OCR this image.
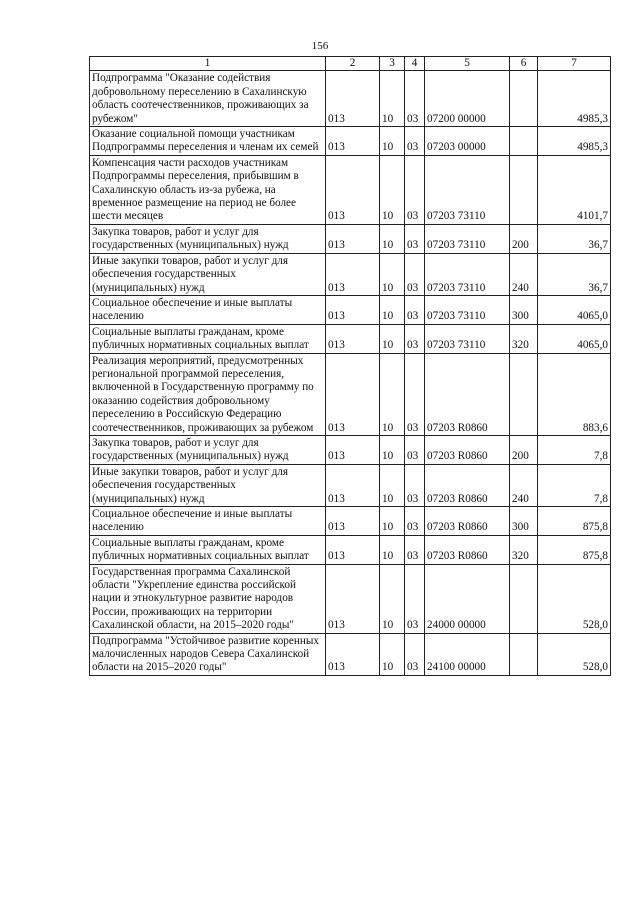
156
1	2	3	4	5	6	7
Подпрограмма "Оказание содействия добровольному переселению в Сахалинскую область соотечественников, проживающих за рубежом"	013	10	03	07200 00000		4985,3
Оказание социальной помощи участникам Подпрограммы переселения и членам их семей	013	10	03	07203 00000		4985,3
Компенсация части расходов участникам Подпрограммы переселения, прибывшим в Сахалинскую область из-за рубежа, на временное размещение на период не более шести месяцев	013	10	03	07203 73110		4101,7
Закупка товаров, работ и услуг для государственных (муниципальных) нужд	013	10	03	07203 73110	200	36,7
Иные закупки товаров, работ и услуг для обеспечения государственных (муниципальных) нужд	013	10	03	07203 73110	240	36,7
Социальное обеспечение и иные выплаты населению	013	10	03	07203 73110	300	4065,0
Социальные выплаты гражданам, кроме публичных нормативных социальных выплат	013	10	03	07203 73110	320	4065,0
Реализация мероприятий, предусмотренных региональной программой переселения, включенной в Государственную программу по оказанию содействия добровольному переселению в Российскую Федерацию соотечественников, проживающих за рубежом	013	10	03	07203 R0860		883,6
Закупка товаров, работ и услуг для государственных (муниципальных) нужд	013	10	03	07203 R0860	200	7,8
Иные закупки товаров, работ и услуг для обеспечения государственных (муниципальных) нужд	013	10	03	07203 R0860	240	7,8
Социальное обеспечение и иные выплаты населению	013	10	03	07203 R0860	300	875,8
Социальные выплаты гражданам, кроме публичных нормативных социальных выплат	013	10	03	07203 R0860	320	875,8
Государственная программа Сахалинской области "Укрепление единства российской нации и этнокультурное развитие народов России, проживающих на территории Сахалинской области, на 2015–2020 годы"	013	10	03	24000 00000		528,0
Подпрограмма "Устойчивое развитие коренных малочисленных народов Севера Сахалинской области на 2015–2020 годы"	013	10	03	24100 00000		528,0
